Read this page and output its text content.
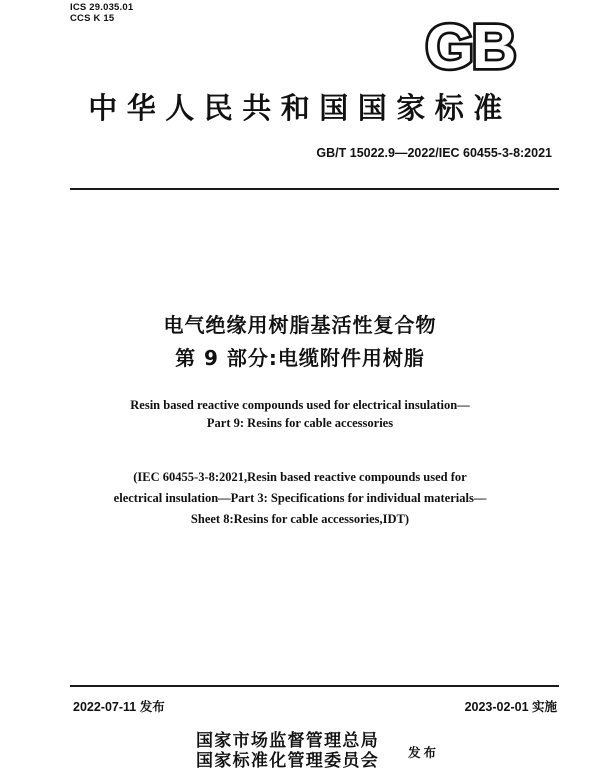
ICS 29.035.01
CCS K 15	GB
中华人民共和国国家标准
GB/T 15022.9—2022/IEC 60455-3-8:2021
电气绝缘用树脂基活性复合物
第 9 部分:电缆附件用树脂
Resin based reactive compounds used for electrical insulation—
Part 9: Resins for cable accessories
(IEC 60455-3-8:2021,Resin based reactive compounds used for
electrical insulation—Part 3: Specifications for individual materials—
Sheet 8:Resins for cable accessories,IDT)
2022-07-11 发布	2023-02-01 实施
国家市场监督管理总局
国家标准化管理委员会 发布
